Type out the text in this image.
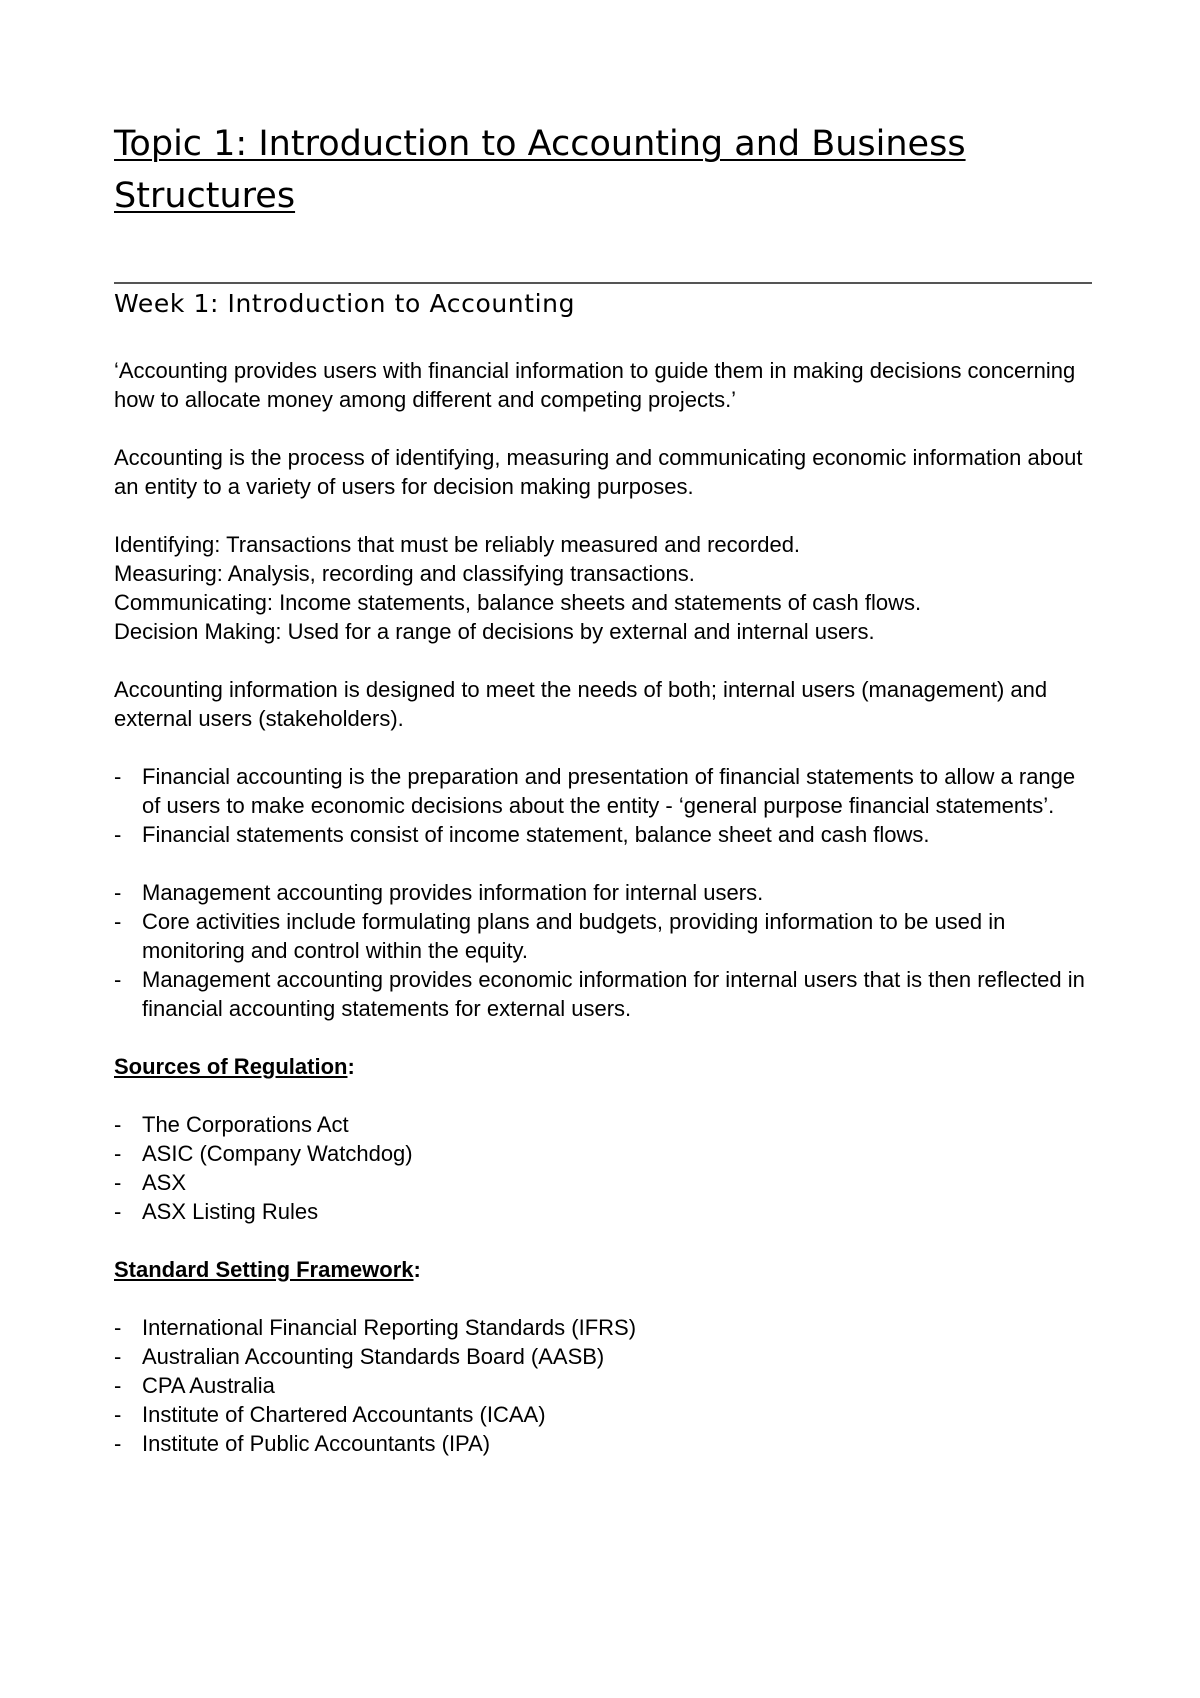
Topic 1: Introduction to Accounting and Business Structures
Week 1: Introduction to Accounting

‘Accounting provides users with financial information to guide them in making decisions concerning how to allocate money among different and competing projects.’

Accounting is the process of identifying, measuring and communicating economic information about an entity to a variety of users for decision making purposes.

Identifying: Transactions that must be reliably measured and recorded.

Measuring: Analysis, recording and classifying transactions.

Communicating: Income statements, balance sheets and statements of cash flows.

Decision Making: Used for a range of decisions by external and internal users.

Accounting information is designed to meet the needs of both; internal users (management) and external users (stakeholders).

- Financial accounting is the preparation and presentation of financial statements to allow a range of users to make economic decisions about the entity - ‘general purpose financial statements’.
- Financial statements consist of income statement, balance sheet and cash flows.
- Management accounting provides information for internal users.
- Core activities include formulating plans and budgets, providing information to be used in monitoring and control within the equity.
- Management accounting provides economic information for internal users that is then reflected in financial accounting statements for external users.

Sources of Regulation:

- The Corporations Act
- ASIC (Company Watchdog)
- ASX
- ASX Listing Rules

Standard Setting Framework:

- International Financial Reporting Standards (IFRS)
- Australian Accounting Standards Board (AASB)
- CPA Australia
- Institute of Chartered Accountants (ICAA)
- Institute of Public Accountants (IPA)
